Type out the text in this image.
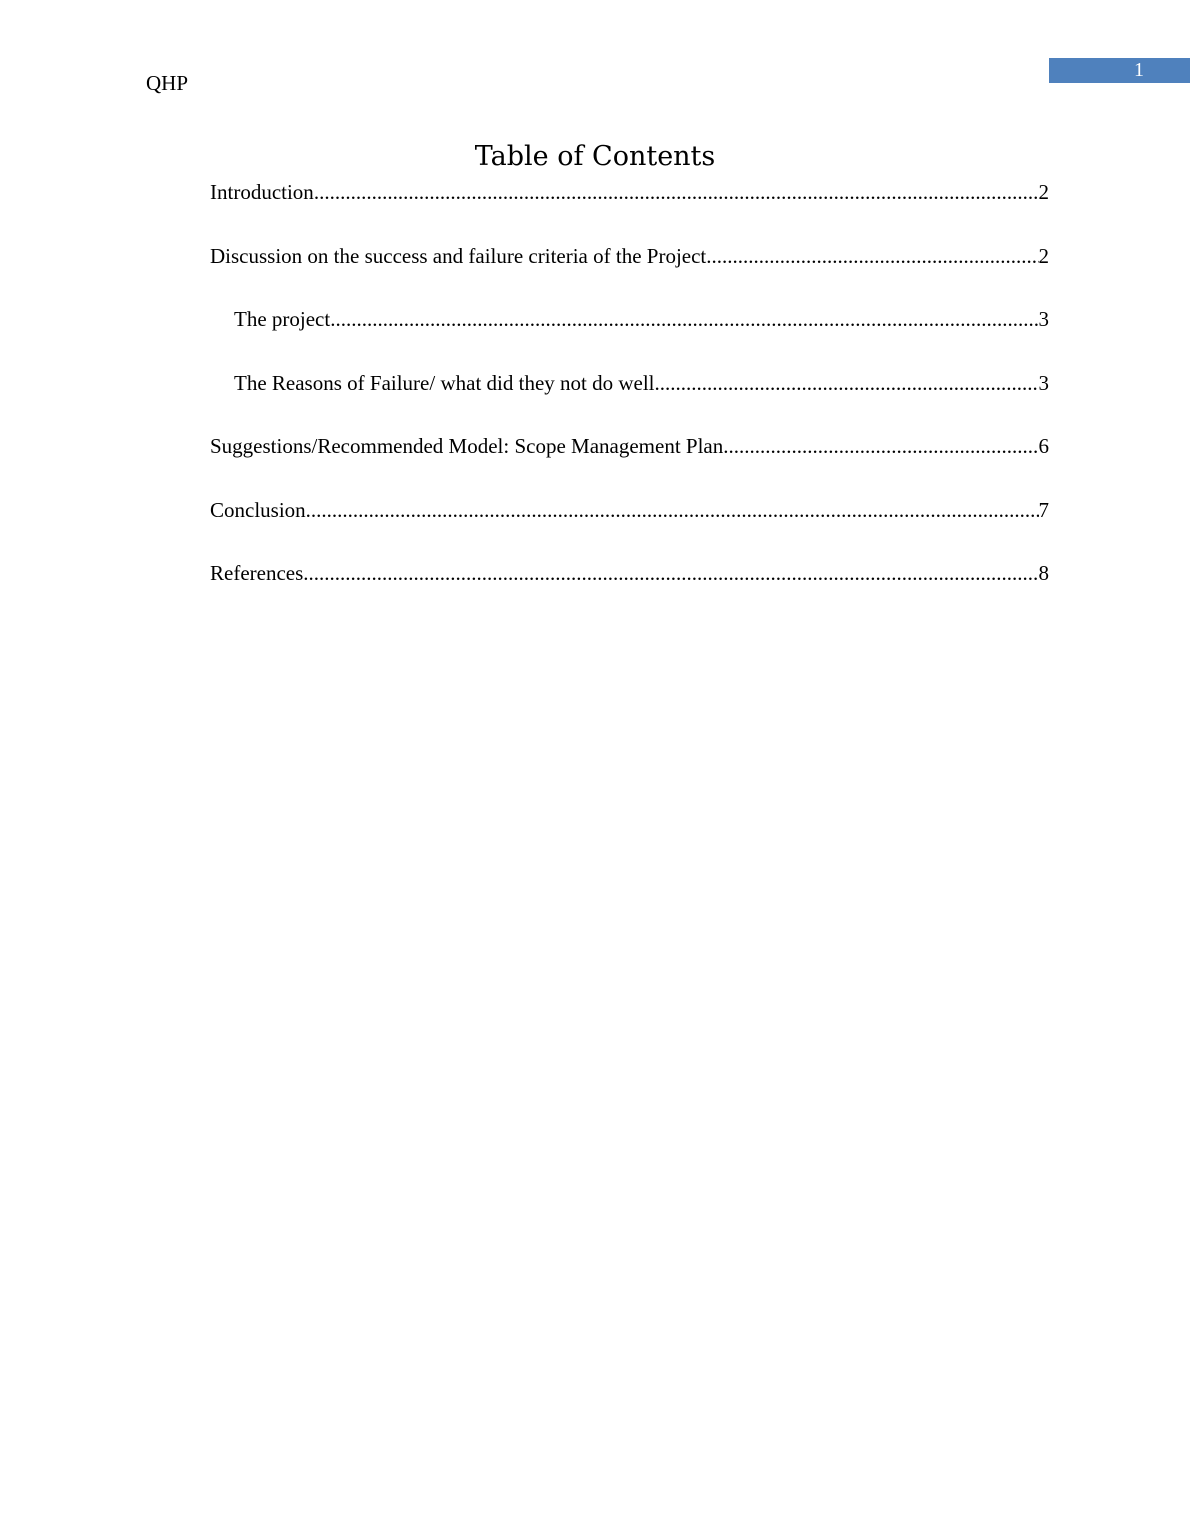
QHP
1
Table of Contents
Introduction .....	2
Discussion on the success and failure criteria of the Project .....	2
The project .....	3
The Reasons of Failure/ what did they not do well .....	3
Suggestions/Recommended Model: Scope Management Plan .....	6
Conclusion .....	7
References .....	8
